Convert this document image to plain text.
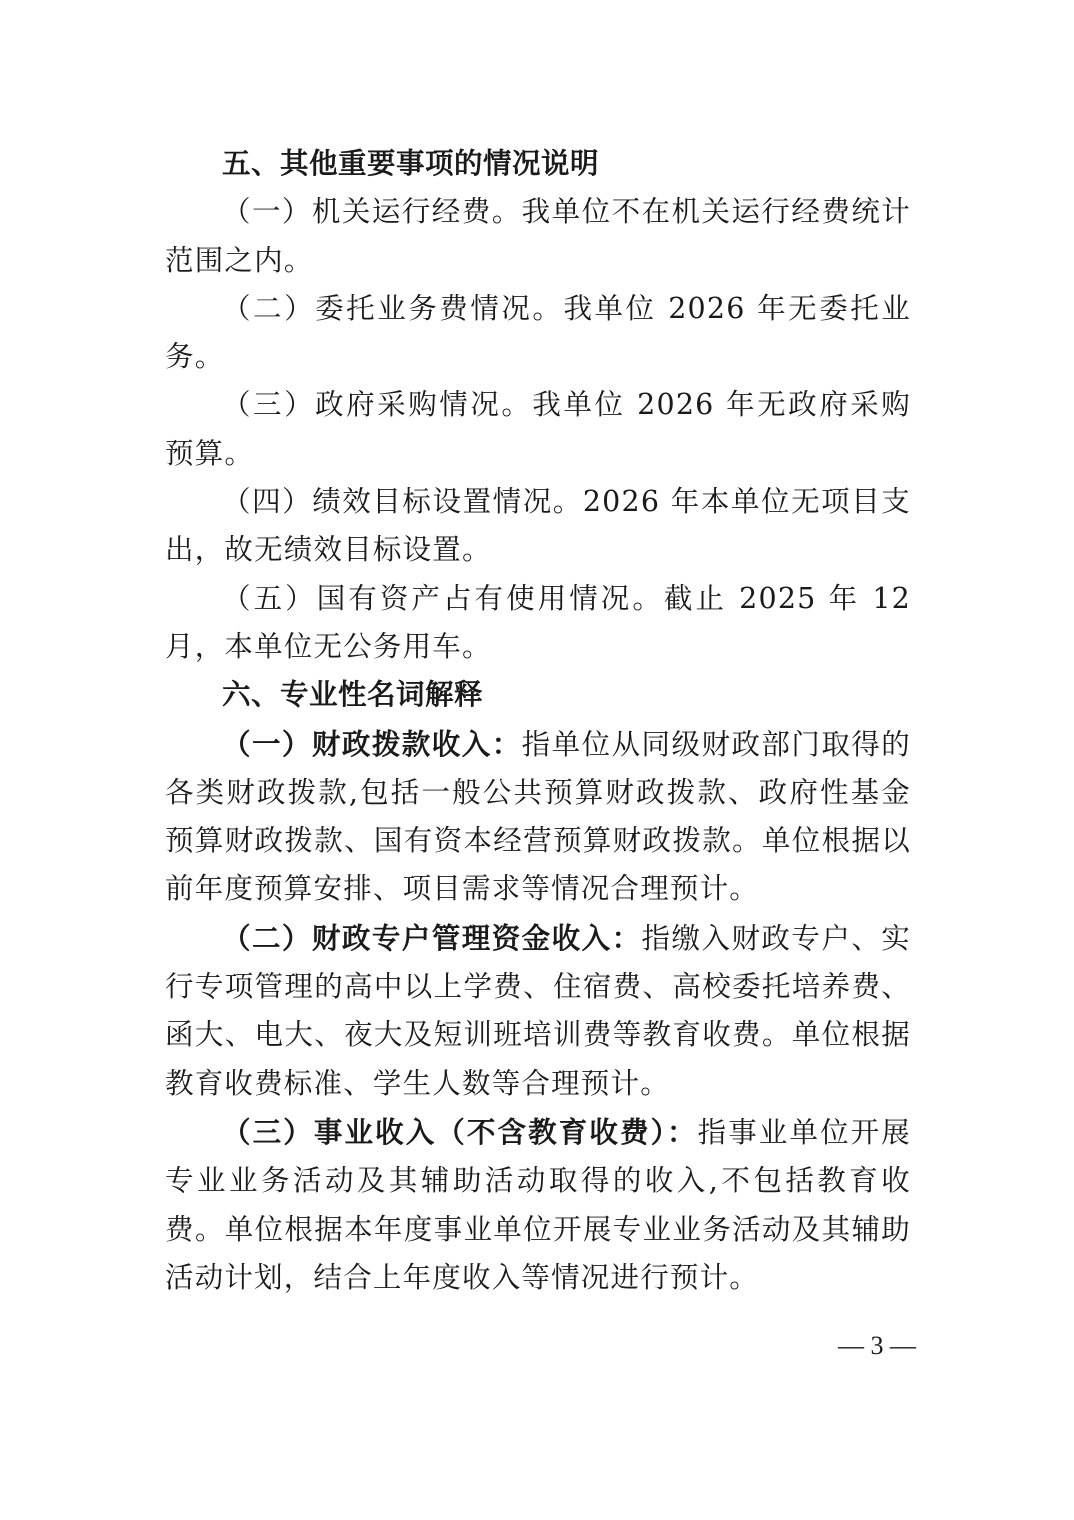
五、其他重要事项的情况说明

（一）机关运行经费。我单位不在机关运行经费统计范围之内。

（二）委托业务费情况。我单位 2026 年无委托业务。

（三）政府采购情况。我单位 2026 年无政府采购预算。

（四）绩效目标设置情况。2026 年本单位无项目支出，故无绩效目标设置。

（五）国有资产占有使用情况。截止 2025 年 12 月，本单位无公务用车。

六、专业性名词解释

（一）财政拨款收入：指单位从同级财政部门取得的各类财政拨款,包括一般公共预算财政拨款、政府性基金预算财政拨款、国有资本经营预算财政拨款。单位根据以前年度预算安排、项目需求等情况合理预计。

（二）财政专户管理资金收入：指缴入财政专户、实行专项管理的高中以上学费、住宿费、高校委托培养费、函大、电大、夜大及短训班培训费等教育收费。单位根据教育收费标准、学生人数等合理预计。

（三）事业收入（不含教育收费）：指事业单位开展专业业务活动及其辅助活动取得的收入,不包括教育收费。单位根据本年度事业单位开展专业业务活动及其辅助活动计划，结合上年度收入等情况进行预计。

— 3 —
